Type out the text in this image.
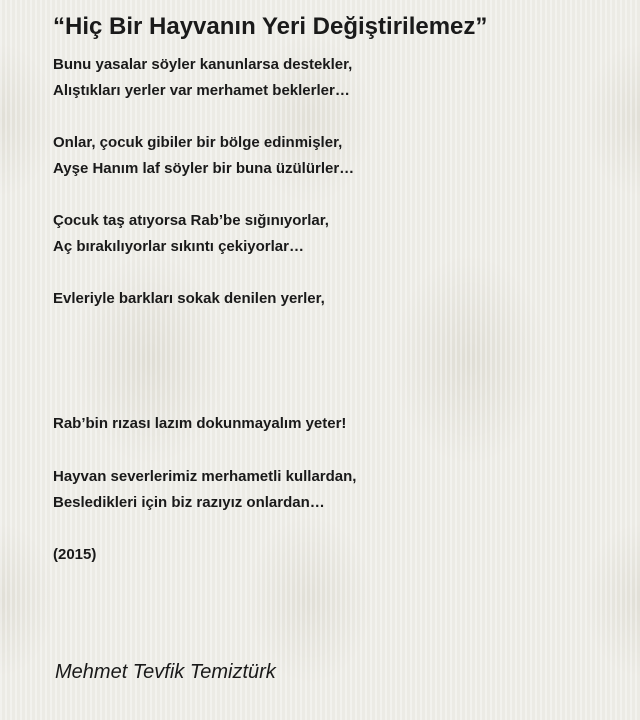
“Hiç Bir Hayvanın Yeri Değiştirilemez”

Bunu yasalar söyler kanunlarsa destekler,

Alıştıkları yerler var merhamet beklerler…

Onlar, çocuk gibiler bir bölge edinmişler,

Ayşe Hanım laf söyler bir buna üzülürler…

Çocuk taş atıyorsa Rab’be sığınıyorlar,

Aç bırakılıyorlar sıkıntı çekiyorlar…

Evleriyle barkları sokak denilen yerler,

Rab’bin rızası lazım dokunmayalım yeter!

Hayvan severlerimiz merhametli kullardan,

Besledikleri için biz razıyız onlardan…

(2015)

Mehmet Tevfik Temiztürk
